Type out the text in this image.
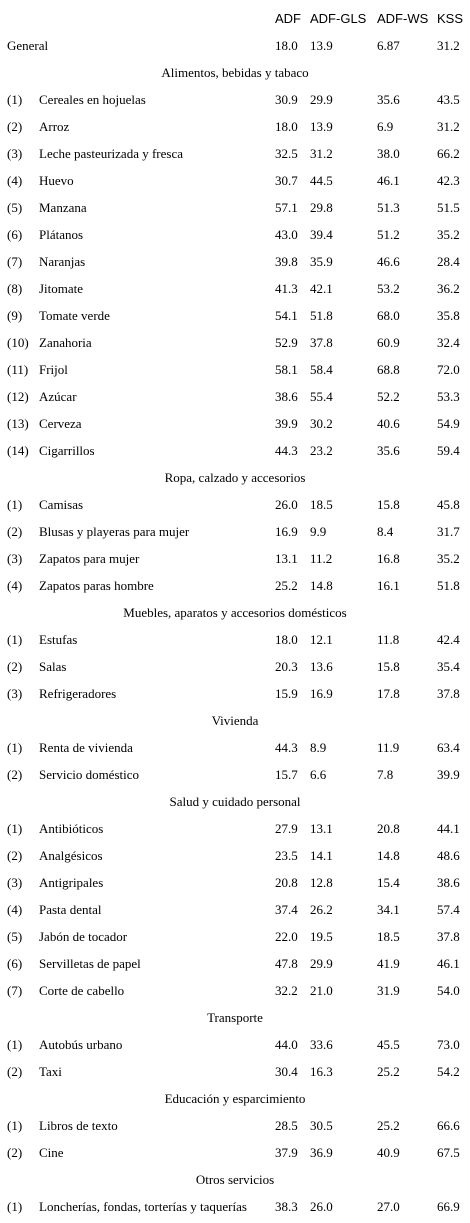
ADF ADF-GLS ADF-WS KSS
General	18.0 13.9	6.87	31.2
Alimentos, bebidas y tabaco
(1) Cereales en hojuelas	30.9 29.9	35.6	43.5
(2) Arroz	18.0 13.9	6.9	31.2
(3) Leche pasteurizada y fresca	32.5 31.2	38.0	66.2
(4) Huevo	30.7 44.5	46.1	42.3
(5) Manzana	57.1 29.8	51.3	51.5
(6) Plátanos	43.0 39.4	51.2	35.2
(7) Naranjas	39.8 35.9	46.6	28.4
(8) Jitomate	41.3 42.1	53.2	36.2
(9) Tomate verde	54.1 51.8	68.0	35.8
(10) Zanahoria	52.9 37.8	60.9	32.4
(11) Frijol	58.1 58.4	68.8	72.0
(12) Azúcar	38.6 55.4	52.2	53.3
(13) Cerveza	39.9 30.2	40.6	54.9
(14) Cigarrillos	44.3 23.2	35.6	59.4
Ropa, calzado y accesorios
(1) Camisas	26.0 18.5	15.8	45.8
(2) Blusas y playeras para mujer	16.9 9.9	8.4	31.7
(3) Zapatos para mujer	13.1 11.2	16.8	35.2
(4) Zapatos paras hombre	25.2 14.8	16.1	51.8
Muebles, aparatos y accesorios domésticos
(1) Estufas	18.0 12.1	11.8	42.4
(2) Salas	20.3 13.6	15.8	35.4
(3) Refrigeradores	15.9 16.9	17.8	37.8
Vivienda
(1) Renta de vivienda	44.3 8.9	11.9	63.4
(2) Servicio doméstico	15.7 6.6	7.8	39.9
Salud y cuidado personal
(1) Antibióticos	27.9 13.1	20.8	44.1
(2) Analgésicos	23.5 14.1	14.8	48.6
(3) Antigripales	20.8 12.8	15.4	38.6
(4) Pasta dental	37.4 26.2	34.1	57.4
(5) Jabón de tocador	22.0 19.5	18.5	37.8
(6) Servilletas de papel	47.8 29.9	41.9	46.1
(7) Corte de cabello	32.2 21.0	31.9	54.0
Transporte
(1) Autobús urbano	44.0 33.6	45.5	73.0
(2) Taxi	30.4 16.3	25.2	54.2
Educación y esparcimiento
(1) Libros de texto	28.5 30.5	25.2	66.6
(2) Cine	37.9 36.9	40.9	67.5
Otros servicios
(1) Loncherías, fondas, torterías y taquerías 38.3 26.0	27.0	66.9
